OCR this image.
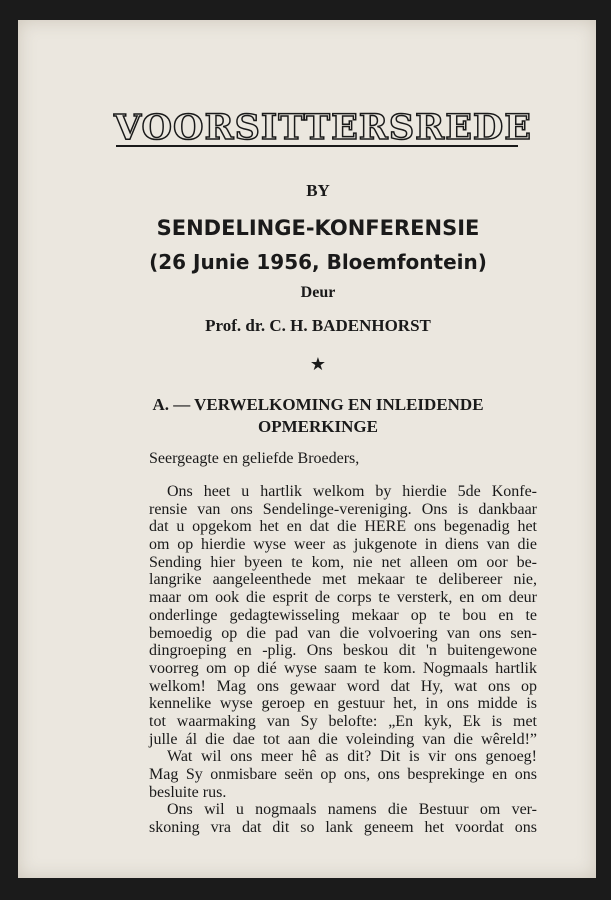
VOORSITTERSREDE
BY
SENDELINGE-KONFERENSIE
(26 Junie 1956, Bloemfontein)
Deur
Prof. dr. C. H. BADENHORST
★
A. — VERWELKOMING EN INLEIDENDE
OPMERKINGE
Seergeagte en geliefde Broeders,
Ons heet u hartlik welkom by hierdie 5de Konfe-
rensie van ons Sendelinge-vereniging. Ons is dankbaar
dat u opgekom het en dat die HERE ons begenadig het
om op hierdie wyse weer as jukgenote in diens van die
Sending hier byeen te kom, nie net alleen om oor be-
langrike aangeleenthede met mekaar te delibereer nie,
maar om ook die esprit de corps te versterk, en om deur
onderlinge gedagtewisseling mekaar op te bou en te
bemoedig op die pad van die volvoering van ons sen-
dingroeping en -plig. Ons beskou dit 'n buitengewone
voorreg om op dié wyse saam te kom. Nogmaals hartlik
welkom! Mag ons gewaar word dat Hy, wat ons op
kennelike wyse geroep en gestuur het, in ons midde is
tot waarmaking van Sy belofte: „En kyk, Ek is met
julle ál die dae tot aan die voleinding van die wêreld!”
Wat wil ons meer hê as dit? Dit is vir ons genoeg!
Mag Sy onmisbare seën op ons, ons besprekinge en ons
besluite rus.
Ons wil u nogmaals namens die Bestuur om ver-
skoning vra dat dit so lank geneem het voordat ons
